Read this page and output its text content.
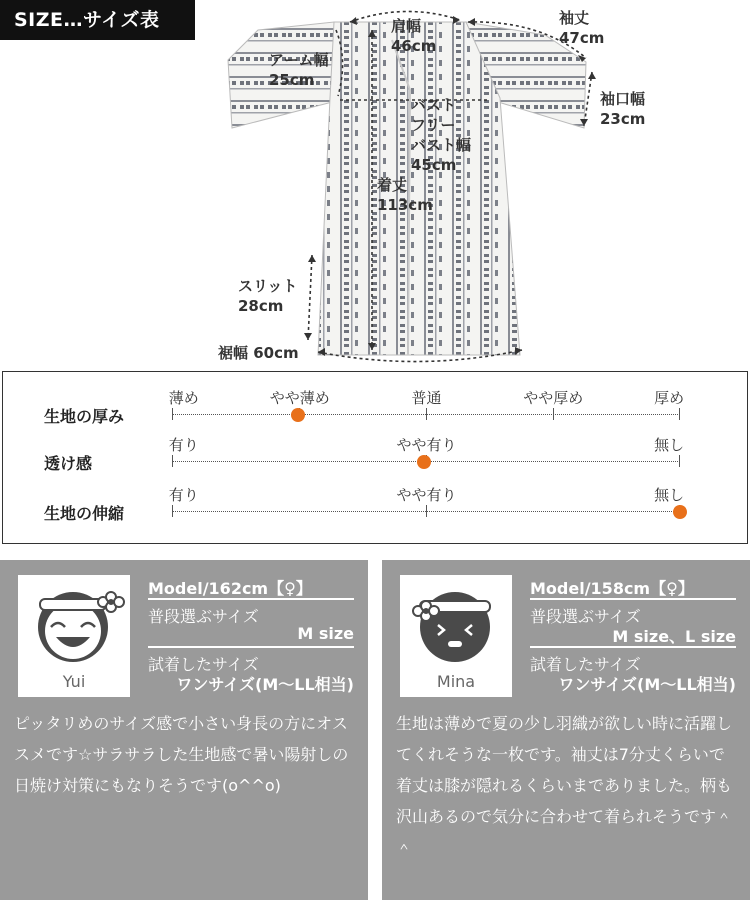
SIZE…サイズ表	肩幅
46cm
袖丈
47cm
アーム幅
25cm
袖口幅
23cm
バスト
フリー
バスト幅
45cm
着丈
113cm
スリット
28cm
裾幅 60cm
生地の厚み
薄め	やや薄め	普通	やや厚め	厚め
透け感
有り	やや有り	無し
生地の伸縮
有り	やや有り	無し
Yui
Model/162cm【♀】
普段選ぶサイズ
M size
試着したサイズ
ワンサイズ(M〜LL相当)
ピッタリめのサイズ感で小さい身長の方にオススメです☆サラサラした生地感で暑い陽射しの日焼け対策にもなりそうです(o^^o)
Mina
Model/158cm【♀】
普段選ぶサイズ
M size、L size
試着したサイズ
ワンサイズ(M〜LL相当)
生地は薄めで夏の少し羽織が欲しい時に活躍してくれそうな一枚です。袖丈は7分丈くらいで着丈は膝が隠れるくらいまでありました。柄も沢山あるので気分に合わせて着られそうです＾＾
